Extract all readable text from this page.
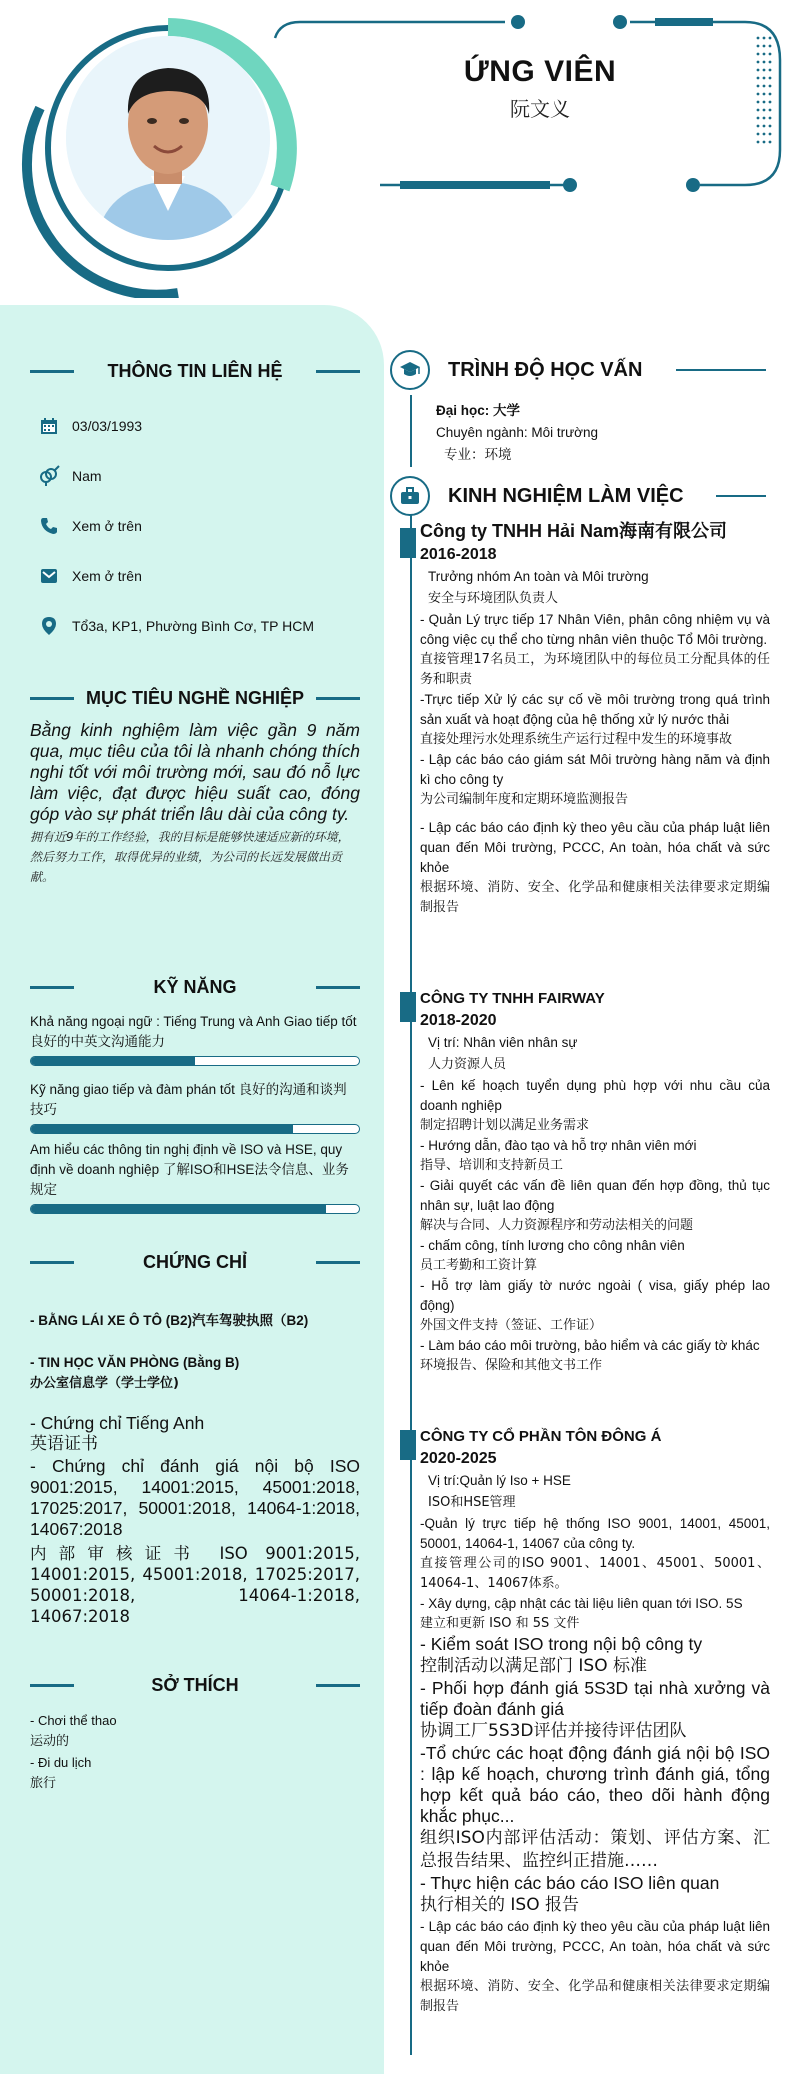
ỨNG VIÊN
阮文义
THÔNG TIN LIÊN HỆ
03/03/1993
Nam
Xem ở trên
Xem ở trên
Tổ3a, KP1, Phường Bình Cơ, TP HCM
MỤC TIÊU NGHỀ NGHIỆP
Bằng kinh nghiệm làm việc gần 9 năm qua, mục tiêu của tôi là nhanh chóng thích nghi tốt với môi trường mới, sau đó nỗ lực làm việc, đạt được hiệu suất cao, đóng góp vào sự phát triển lâu dài của công ty.
拥有近9年的工作经验，我的目标是能够快速适应新的环境，然后努力工作，取得优异的业绩，为公司的长远发展做出贡献。
KỸ NĂNG
Khả năng ngoại ngữ : Tiếng Trung và Anh Giao tiếp tốt 良好的中英文沟通能力
Kỹ năng giao tiếp và đàm phán tốt 良好的沟通和谈判技巧
Am hiểu các thông tin nghị định về ISO và HSE, quy định về doanh nghiệp 了解ISO和HSE法令信息、业务规定
CHỨNG CHỈ
- BẰNG LÁI XE Ô TÔ (B2)汽车驾驶执照（B2)
- TIN HỌC VĂN PHÒNG (Bằng B)
办公室信息学（学士学位)
- Chứng chỉ Tiếng Anh
英语证书
- Chứng chỉ đánh giá nội bộ ISO 9001:2015, 14001:2015, 45001:2018, 17025:2017, 50001:2018, 14064-1:2018, 14067:2018
内部审核证书 ISO 9001:2015, 14001:2015, 45001:2018, 17025:2017, 50001:2018, 14064-1:2018, 14067:2018
SỞ THÍCH
- Chơi thể thao
运动的
- Đi du lịch
旅行
TRÌNH ĐỘ HỌC VẤN
Đại học: 大学
Chuyên ngành: Môi trường
专业：环境
KINH NGHIỆM LÀM VIỆC
Công ty TNHH Hải Nam海南有限公司
2016-2018
Trưởng nhóm An toàn và Môi trường
安全与环境团队负责人
- Quản Lý trực tiếp 17 Nhân Viên, phân công nhiệm vụ và công việc cụ thể cho từng nhân viên thuộc Tổ Môi trường.
直接管理17名员工，为环境团队中的每位员工分配具体的任务和职责
-Trực tiếp Xử lý các sự cố về môi trường trong quá trình sản xuất và hoạt động của hệ thống xử lý nước thải
直接处理污水处理系统生产运行过程中发生的环境事故
- Lập các báo cáo giám sát Môi trường hàng năm và định kì cho công ty
为公司编制年度和定期环境监测报告
- Lập các báo cáo định kỳ theo yêu cầu của pháp luật liên quan đến Môi trường, PCCC, An toàn, hóa chất và sức khỏe
根据环境、消防、安全、化学品和健康相关法律要求定期编制报告
CÔNG TY TNHH FAIRWAY
2018-2020
Vị trí: Nhân viên nhân sự
人力资源人员
- Lên kế hoạch tuyển dụng phù hợp với nhu cầu của doanh nghiệp
制定招聘计划以满足业务需求
- Hướng dẫn, đào tạo và hỗ trợ nhân viên mới
指导、培训和支持新员工
- Giải quyết các vấn đề liên quan đến hợp đồng, thủ tục nhân sự, luật lao động
解决与合同、人力资源程序和劳动法相关的问题
- chấm công, tính lương cho công nhân viên
员工考勤和工资计算
- Hỗ trợ làm giấy tờ nước ngoài ( visa, giấy phép lao động)
外国文件支持（签证、工作证）
- Làm báo cáo môi trường, bảo hiểm và các giấy tờ khác
环境报告、保险和其他文书工作
CÔNG TY CỔ PHẦN TÔN ĐÔNG Á
2020-2025
Vị trí:Quản lý Iso + HSE
ISO和HSE管理
-Quản lý trực tiếp hệ thống ISO 9001, 14001, 45001, 50001, 14064-1, 14067 của công ty.
直接管理公司的ISO 9001、14001、45001、50001、14064-1、14067体系。
- Xây dựng, cập nhật các tài liệu liên quan tới ISO. 5S
建立和更新 ISO 和 5S 文件
- Kiểm soát ISO trong nội bộ công ty
控制活动以满足部门 ISO 标准
- Phối hợp đánh giá 5S3D tại nhà xưởng và tiếp đoàn đánh giá
协调工厂5S3D评估并接待评估团队
-Tổ chức các hoạt động đánh giá nội bộ ISO : lập kế hoạch, chương trình đánh giá, tổng hợp kết quả báo cáo, theo dõi hành động khắc phục...
组织ISO内部评估活动：策划、评估方案、汇总报告结果、监控纠正措施……
- Thực hiện các báo cáo ISO liên quan
执行相关的 ISO 报告
- Lập các báo cáo định kỳ theo yêu cầu của pháp luật liên quan đến Môi trường, PCCC, An toàn, hóa chất và sức khỏe
根据环境、消防、安全、化学品和健康相关法律要求定期编制报告
